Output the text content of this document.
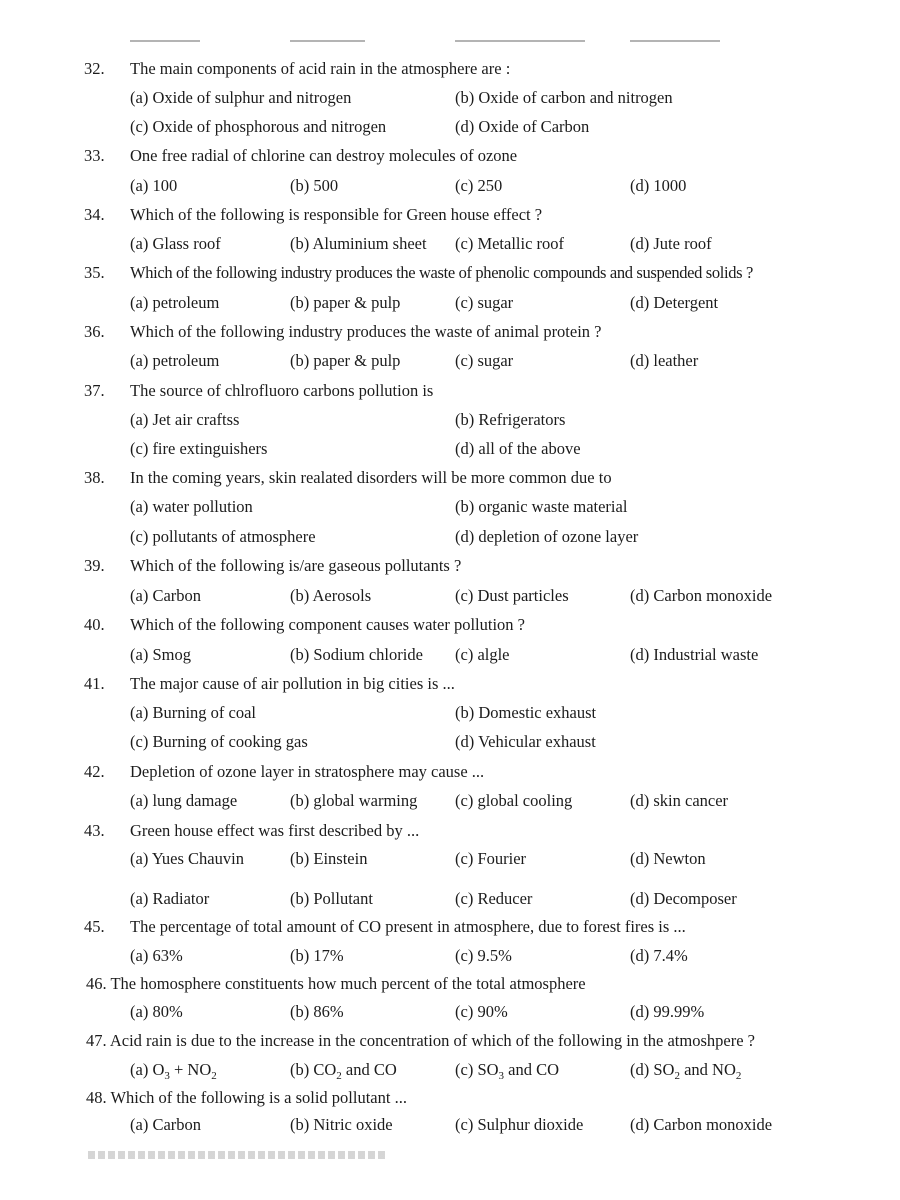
32. The main components of acid rain in the atmosphere are :
(a) Oxide of sulphur and nitrogen	(b) Oxide of carbon and nitrogen
(c) Oxide of phosphorous and nitrogen	(d) Oxide of Carbon
33. One free radial of chlorine can destroy molecules of ozone
(a) 100	(b) 500	(c) 250	(d) 1000
34. Which of the following is responsible for Green house effect ?
(a) Glass roof	(b) Aluminium sheet (c) Metallic roof	(d) Jute roof
35. Which of the following industry produces the waste of phenolic compounds and suspended solids ?
(a) petroleum	(b) paper & pulp	(c) sugar	(d) Detergent
36. Which of the following industry produces the waste of animal protein ?
(a) petroleum	(b) paper & pulp	(c) sugar	(d) leather
37. The source of chlrofluoro carbons pollution is
(a) Jet air craftss	(b) Refrigerators
(c) fire extinguishers	(d) all of the above
38. In the coming years, skin realated disorders will be more common due to
(a) water pollution	(b) organic waste material
(c) pollutants of atmosphere	(d) depletion of ozone layer
39. Which of the following is/are gaseous pollutants ?
(a) Carbon	(b) Aerosols	(c) Dust particles	(d) Carbon monoxide
40. Which of the following component causes water pollution ?
(a) Smog	(b) Sodium chloride (c) algle	(d) Industrial waste
41. The major cause of air pollution in big cities is ...
(a) Burning of coal	(b) Domestic exhaust
(c) Burning of cooking gas	(d) Vehicular exhaust
42. Depletion of ozone layer in stratosphere may cause ...
(a) lung damage	(b) global warming (c) global cooling	(d) skin cancer
43. Green house effect was first described by ...
(a) Yues Chauvin	(b) Einstein	(c) Fourier	(d) Newton
(a) Radiator	(b) Pollutant	(c) Reducer	(d) Decomposer
45. The percentage of total amount of CO present in atmosphere, due to forest fires is ...
(a) 63%	(b) 17%	(c) 9.5%	(d) 7.4%
46. The homosphere constituents how much percent of the total atmosphere
(a) 80%	(b) 86%	(c) 90%	(d) 99.99%
47. Acid rain is due to the increase in the concentration of which of the following in the atmoshpere ?
(a) $O_3 + NO_2$	(b) $CO_2$ and CO	(c) $SO_3$ and CO	(d) $SO_2$ and $NO_2$
48. Which of the following is a solid pollutant ...
(a) Carbon	(b) Nitric oxide	(c) Sulphur dioxide	(d) Carbon monoxide
